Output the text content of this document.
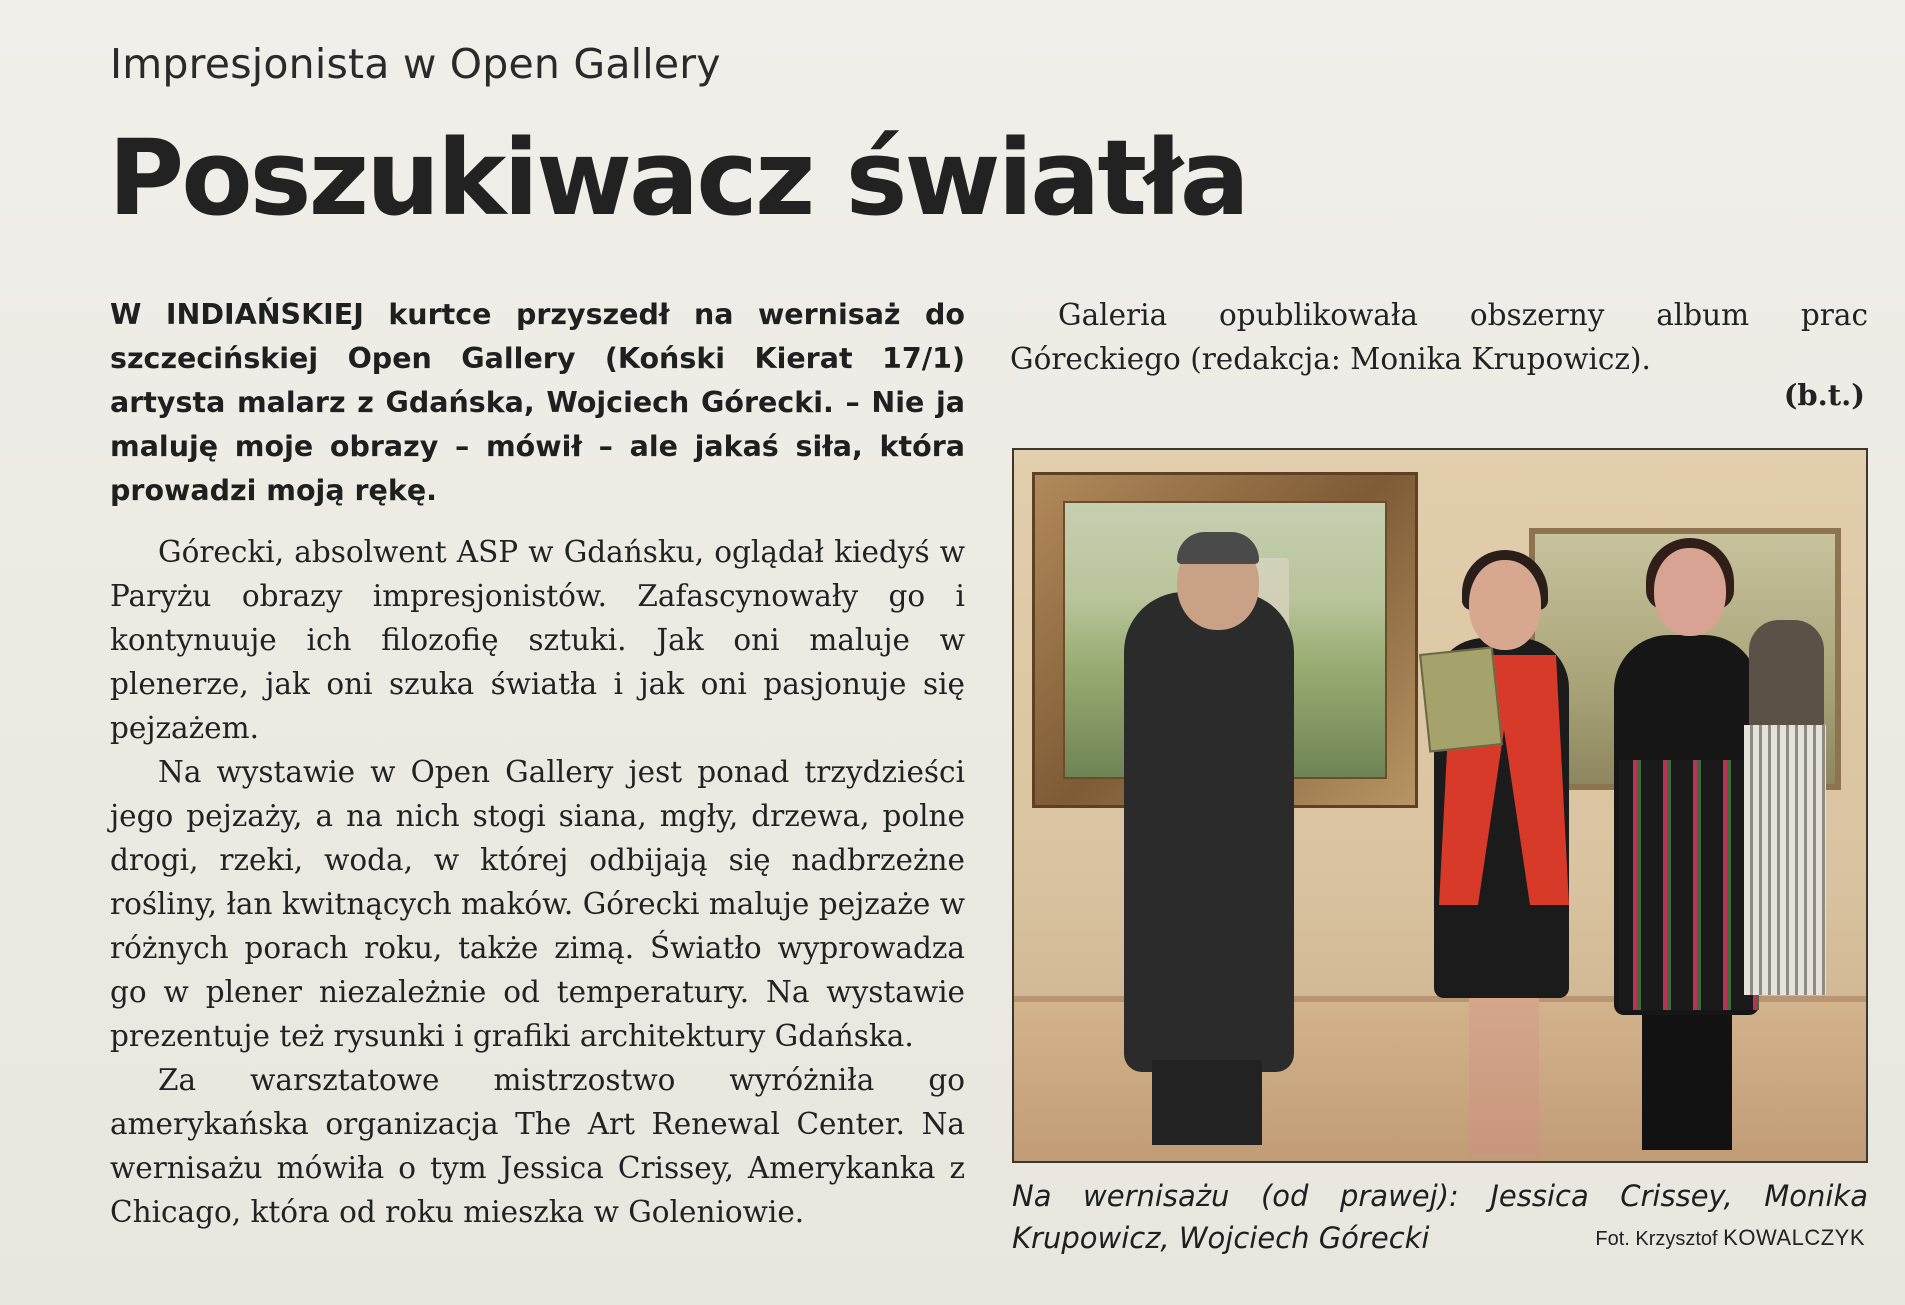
Impresjonista w Open Gallery
Poszukiwacz światła
W INDIAŃSKIEJ kurtce przyszedł na wernisaż do szczecińskiej Open Gallery (Koński Kierat 17/1) artysta malarz z Gdańska, Wojciech Górecki. – Nie ja maluję moje obrazy – mówił – ale jakaś siła, która prowadzi moją rękę.

Górecki, absolwent ASP w Gdańsku, oglądał kiedyś w Paryżu obrazy impresjonistów. Zafascynowały go i kontynuuje ich filozofię sztuki. Jak oni maluje w plenerze, jak oni szuka światła i jak oni pasjonuje się pejzażem.

Na wystawie w Open Gallery jest ponad trzydzieści jego pejzaży, a na nich stogi siana, mgły, drzewa, polne drogi, rzeki, woda, w której odbijają się nadbrzeżne rośliny, łan kwitnących maków. Górecki maluje pejzaże w różnych porach roku, także zimą. Światło wyprowadza go w plener niezależnie od temperatury. Na wystawie prezentuje też rysunki i grafiki architektury Gdańska.

Za warsztatowe mistrzostwo wyróżniła go amerykańska organizacja The Art Renewal Center. Na wernisażu mówiła o tym Jessica Crissey, Amerykanka z Chicago, która od roku mieszka w Goleniowie.

Galeria opublikowała obszerny album prac Góreckiego (redakcja: Monika Krupowicz).

(b.t.)
Na wernisażu (od prawej): Jessica Crissey, Monika Krupowicz, Wojciech Górecki	Fot. Krzysztof KOWALCZYK
